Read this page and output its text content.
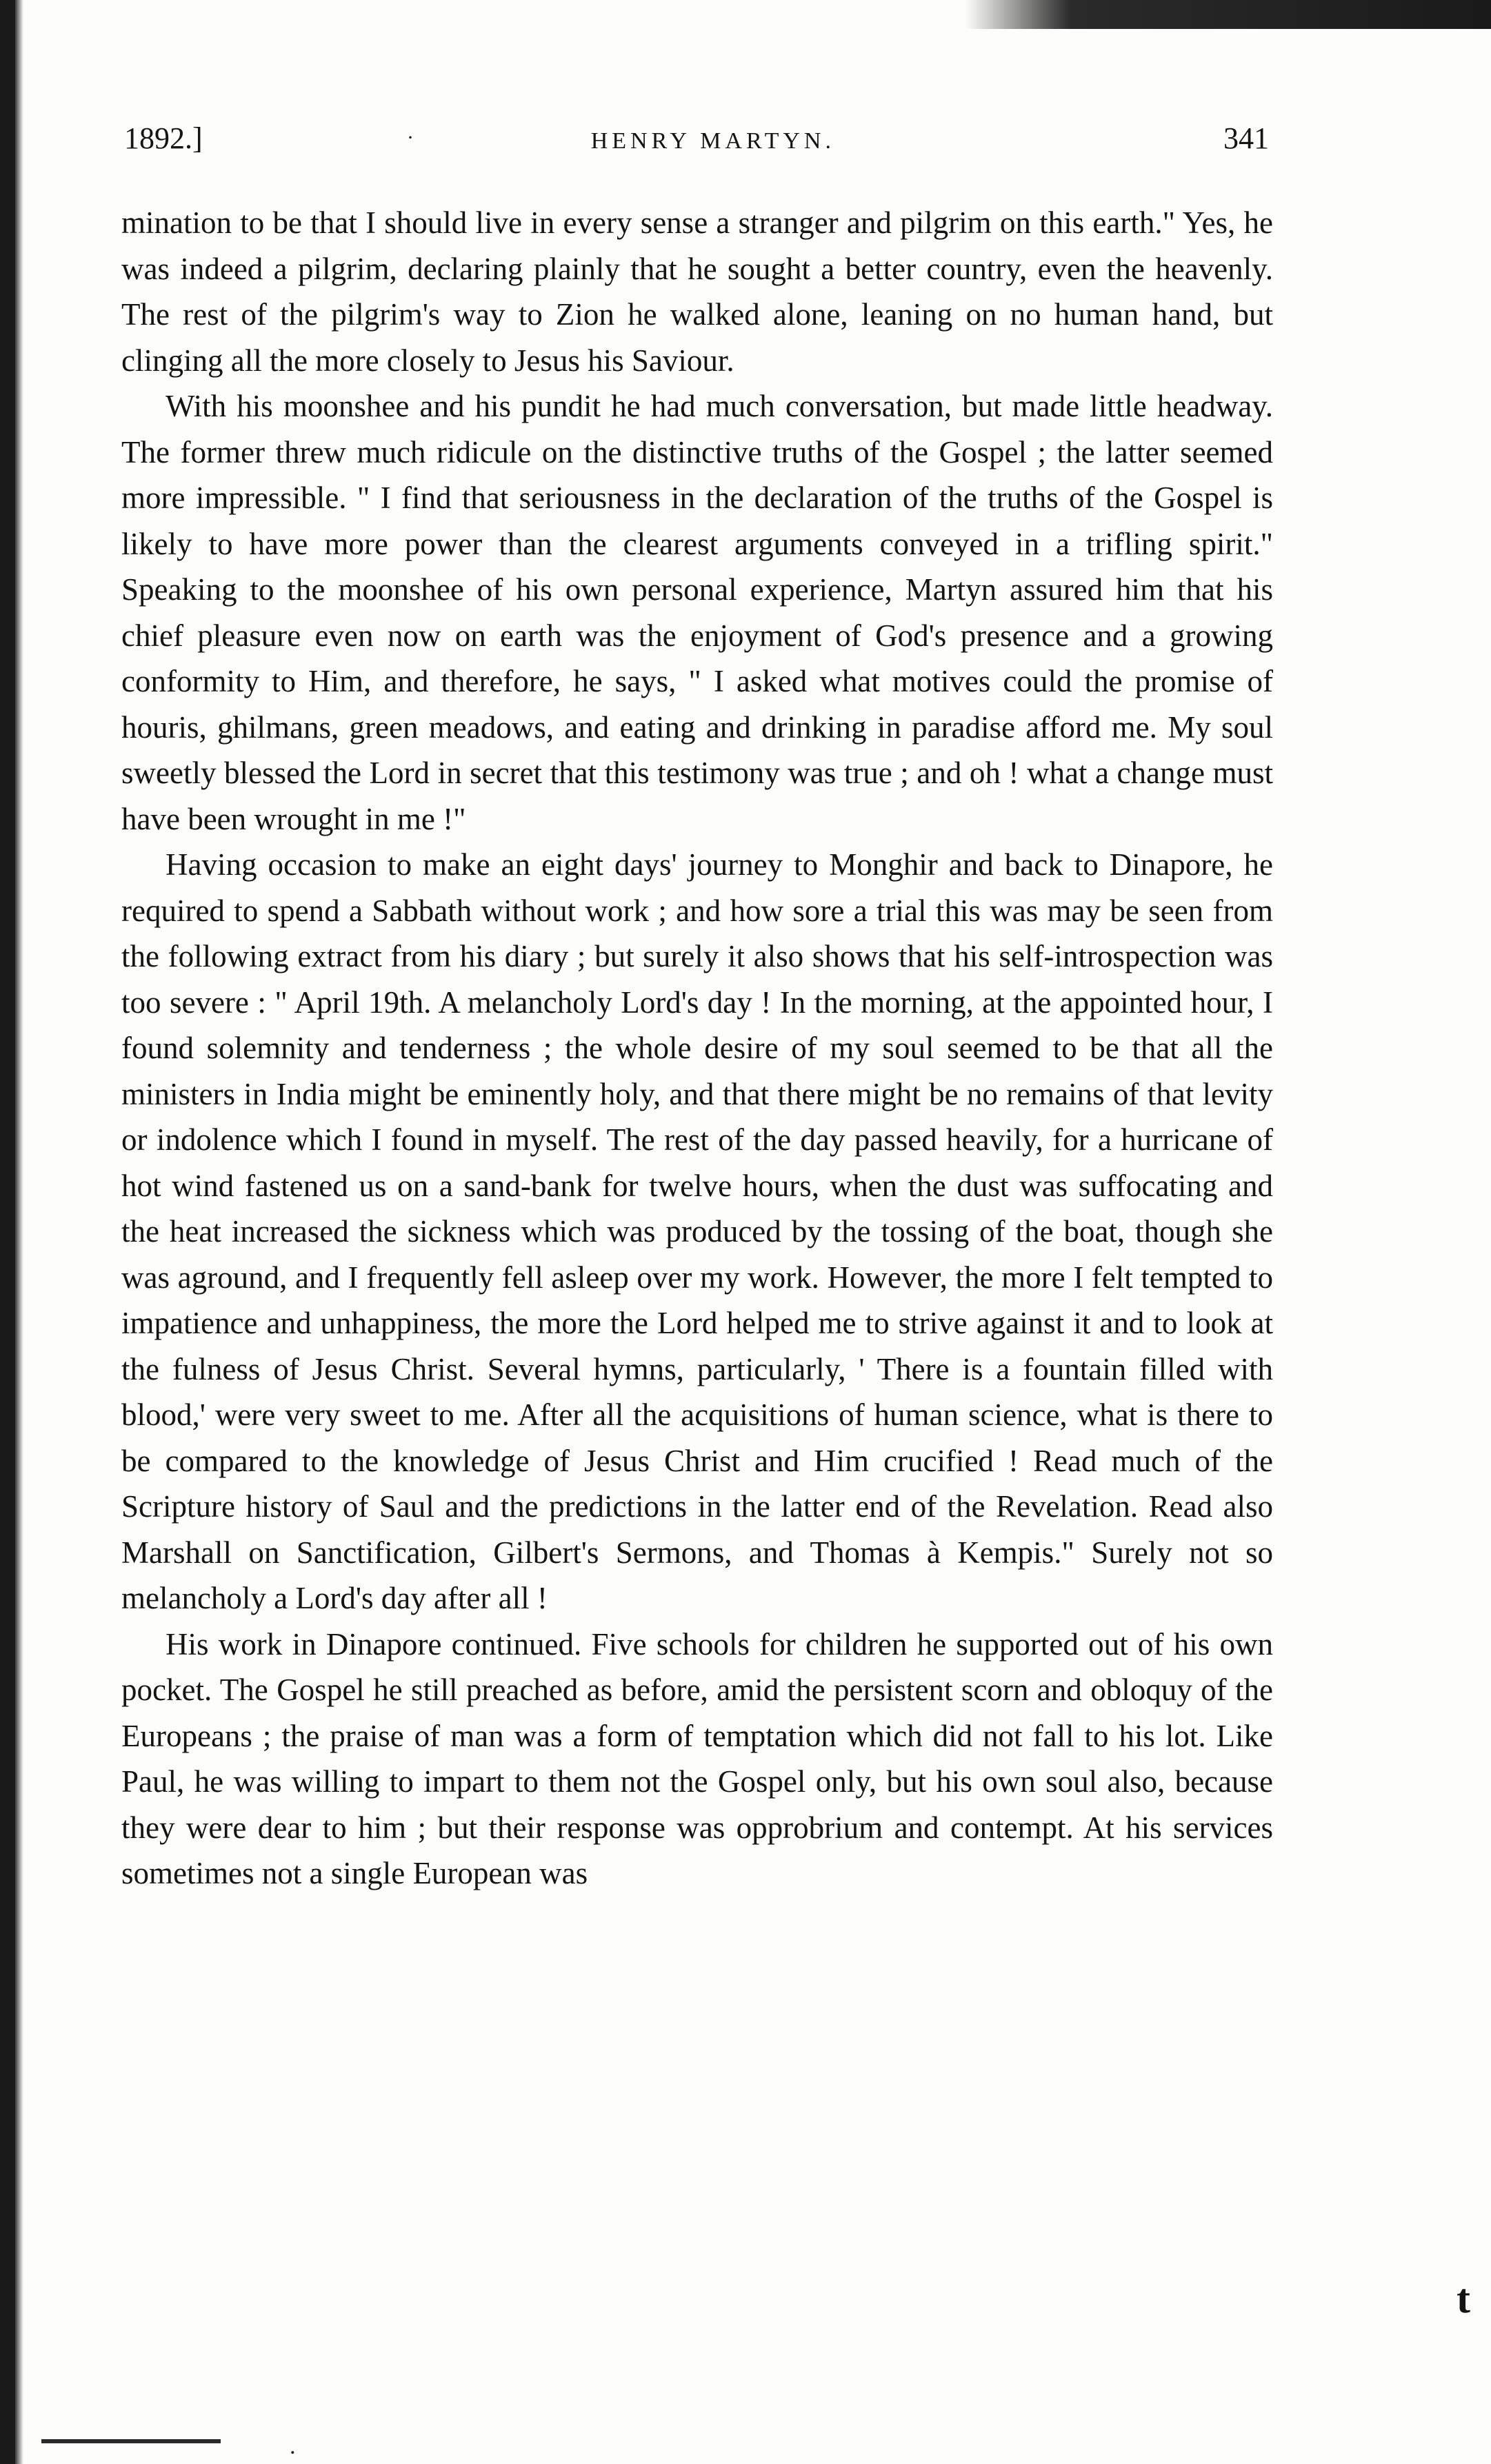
1892.]	·	HENRY MARTYN.	341

mination to be that I should live in every sense a stranger and pilgrim on this earth." Yes, he was indeed a pilgrim, declaring plainly that he sought a better country, even the heavenly. The rest of the pilgrim's way to Zion he walked alone, leaning on no human hand, but clinging all the more closely to Jesus his Saviour.

With his moonshee and his pundit he had much conversation, but made little headway. The former threw much ridicule on the distinctive truths of the Gospel ; the latter seemed more impressible. " I find that seriousness in the declaration of the truths of the Gospel is likely to have more power than the clearest arguments conveyed in a trifling spirit." Speaking to the moonshee of his own personal experience, Martyn assured him that his chief pleasure even now on earth was the enjoyment of God's presence and a growing conformity to Him, and therefore, he says, " I asked what motives could the promise of houris, ghilmans, green meadows, and eating and drinking in paradise afford me. My soul sweetly blessed the Lord in secret that this testimony was true ; and oh ! what a change must have been wrought in me !"

Having occasion to make an eight days' journey to Monghir and back to Dinapore, he required to spend a Sabbath without work ; and how sore a trial this was may be seen from the following extract from his diary ; but surely it also shows that his self-introspection was too severe : " April 19th. A melancholy Lord's day ! In the morning, at the appointed hour, I found solemnity and tenderness ; the whole desire of my soul seemed to be that all the ministers in India might be eminently holy, and that there might be no remains of that levity or indolence which I found in myself. The rest of the day passed heavily, for a hurricane of hot wind fastened us on a sand-bank for twelve hours, when the dust was suffocating and the heat increased the sickness which was produced by the tossing of the boat, though she was aground, and I frequently fell asleep over my work. However, the more I felt tempted to impatience and unhappiness, the more the Lord helped me to strive against it and to look at the fulness of Jesus Christ. Several hymns, particularly, ' There is a fountain filled with blood,' were very sweet to me. After all the acquisitions of human science, what is there to be compared to the knowledge of Jesus Christ and Him crucified ! Read much of the Scripture history of Saul and the predictions in the latter end of the Revelation. Read also Marshall on Sanctification, Gilbert's Sermons, and Thomas à Kempis." Surely not so melancholy a Lord's day after all !

His work in Dinapore continued. Five schools for children he supported out of his own pocket. The Gospel he still preached as before, amid the persistent scorn and obloquy of the Europeans ; the praise of man was a form of temptation which did not fall to his lot. Like Paul, he was willing to impart to them not the Gospel only, but his own soul also, because they were dear to him ; but their response was opprobrium and contempt. At his services sometimes not a single European was

t
.
